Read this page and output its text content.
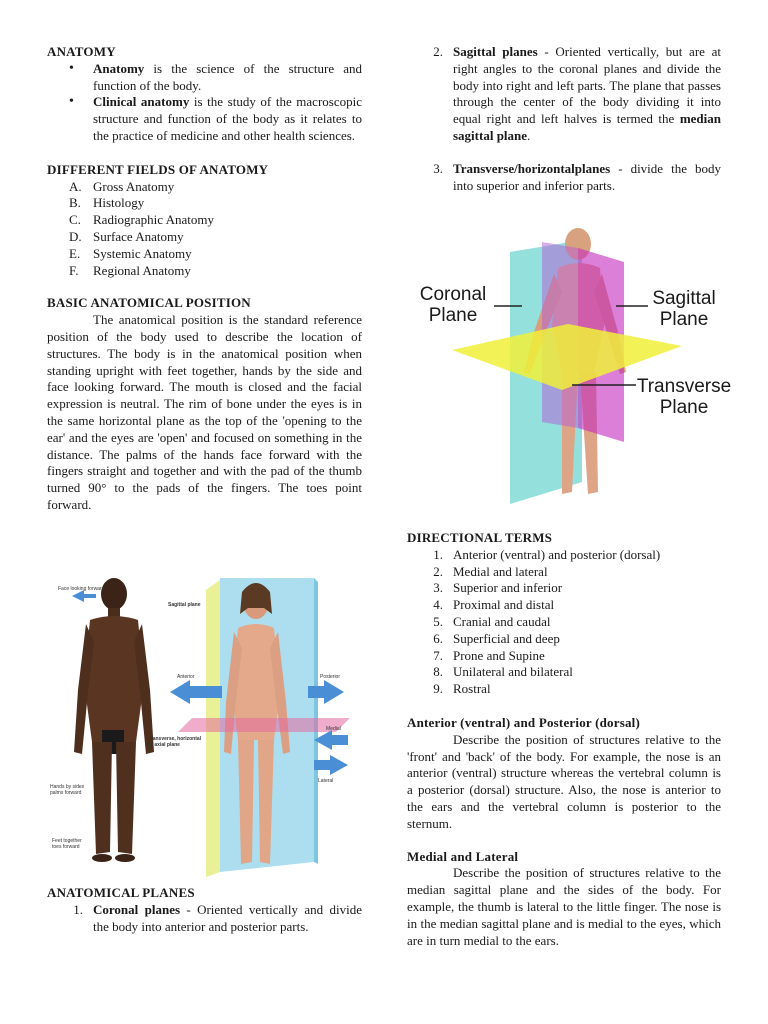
ANATOMY

• Anatomy is the science of the structure and function of the body.
• Clinical anatomy is the study of the macroscopic structure and function of the body as it relates to the practice of medicine and other health sciences.

DIFFERENT FIELDS OF ANATOMY

A. Gross Anatomy
B. Histology
C. Radiographic Anatomy
D. Surface Anatomy
E. Systemic Anatomy
F.	Regional Anatomy

BASIC ANATOMICAL POSITION

The anatomical position is the standard reference position of the body used to describe the location of structures. The body is in the anatomical position when standing upright with feet together, hands by the side and face looking forward. The mouth is closed and the facial expression is neutral. The rim of bone under the eyes is in the same horizontal plane as the top of the 'opening to the ear' and the eyes are 'open' and focused on something in the distance. The palms of the hands face forward with the fingers straight and together and with the pad of the thumb turned 90° to the pads of the fingers. The toes point forward.

Face looking forward
Sagittal plane
Anterior	Posterior
Medial
Lateral
Transverse, horizontal or axial plane
Hands by sides palms forward
Feet together toes forward

ANATOMICAL PLANES

1. Coronal planes - Oriented vertically and divide the body into anterior and posterior parts.
2. Sagittal planes - Oriented vertically, but are at right angles to the coronal planes and divide the body into right and left parts. The plane that passes through the center of the body dividing it into equal right and left halves is termed the median sagittal plane.
3. Transverse/horizontalplanes - divide the body into superior and inferior parts.
Coronal Plane
Sagittal Plane
Transverse Plane

DIRECTIONAL TERMS

1. Anterior (ventral) and posterior (dorsal)
2. Medial and lateral
3. Superior and inferior
4. Proximal and distal
5. Cranial and caudal
6. Superficial and deep
7. Prone and Supine
8. Unilateral and bilateral
9. Rostral

Anterior (ventral) and Posterior (dorsal)

Describe the position of structures relative to the 'front' and 'back' of the body. For example, the nose is an anterior (ventral) structure whereas the vertebral column is a posterior (dorsal) structure. Also, the nose is anterior to the ears and the vertebral column is posterior to the sternum.

Medial and Lateral

Describe the position of structures relative to the median sagittal plane and the sides of the body. For example, the thumb is lateral to the little finger. The nose is in the median sagittal plane and is medial to the eyes, which are in turn medial to the ears.
